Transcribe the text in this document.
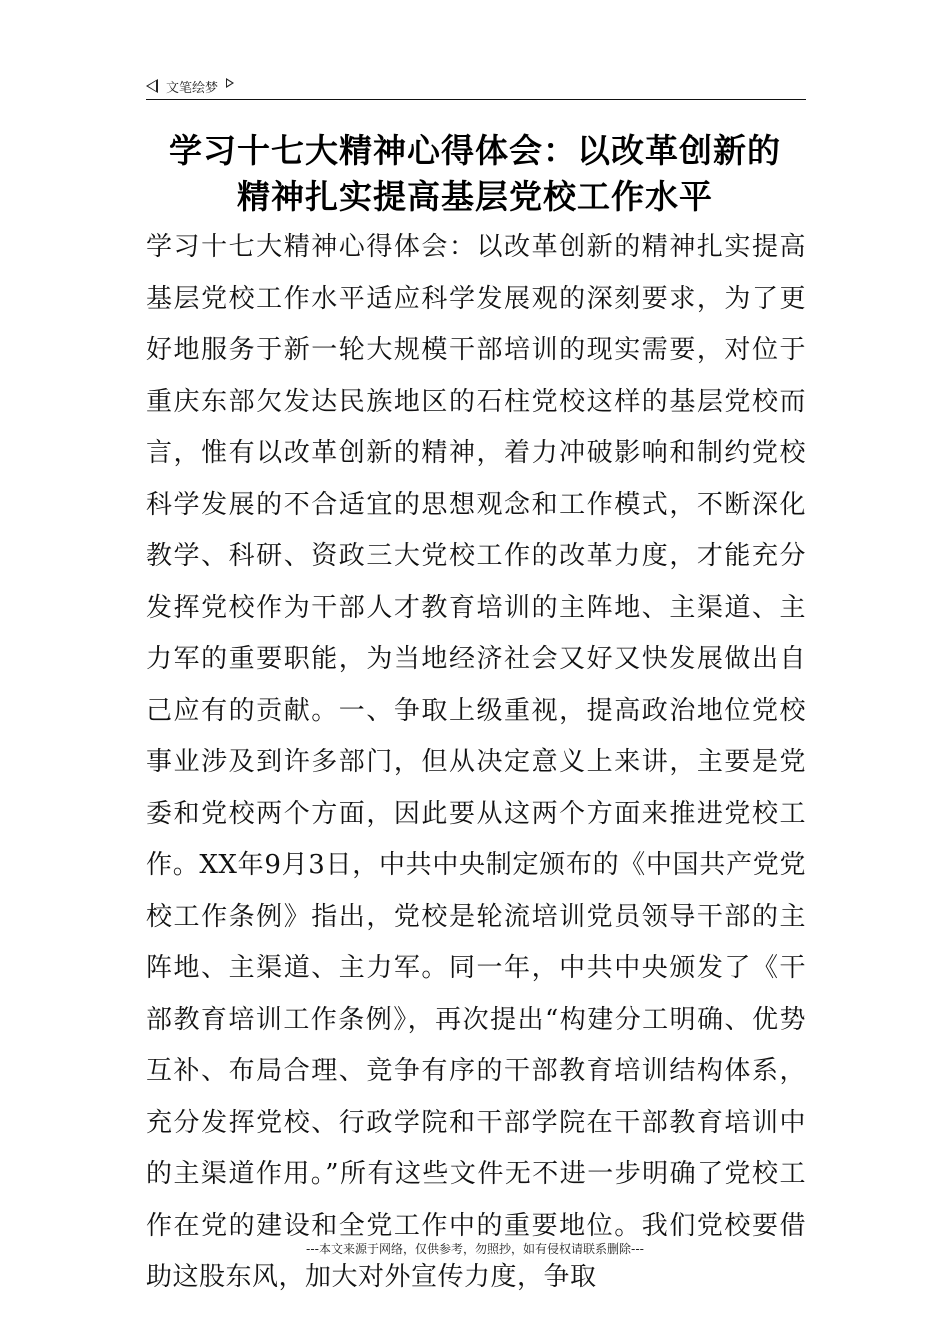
文笔绘梦
学习十七大精神心得体会：以改革创新的
精神扎实提高基层党校工作水平
学习十七大精神心得体会：以改革创新的精神扎实提高基层党校工作水平适应科学发展观的深刻要求，为了更好地服务于新一轮大规模干部培训的现实需要，对位于重庆东部欠发达民族地区的石柱党校这样的基层党校而言，惟有以改革创新的精神，着力冲破影响和制约党校科学发展的不合适宜的思想观念和工作模式，不断深化教学、科研、资政三大党校工作的改革力度，才能充分发挥党校作为干部人才教育培训的主阵地、主渠道、主力军的重要职能，为当地经济社会又好又快发展做出自己应有的贡献。一、争取上级重视，提高政治地位党校事业涉及到许多部门，但从决定意义上来讲，主要是党委和党校两个方面，因此要从这两个方面来推进党校工作。XX年9月3日，中共中央制定颁布的《中国共产党党校工作条例》指出，党校是轮流培训党员领导干部的主阵地、主渠道、主力军。同一年，中共中央颁发了《干部教育培训工作条例》，再次提出“构建分工明确、优势互补、布局合理、竞争有序的干部教育培训结构体系，充分发挥党校、行政学院和干部学院在干部教育培训中的主渠道作用。”所有这些文件无不进一步明确了党校工作在党的建设和全党工作中的重要地位。我们党校要借助这股东风，加大对外宣传力度，争取
---本文来源于网络，仅供参考，勿照抄，如有侵权请联系删除---
